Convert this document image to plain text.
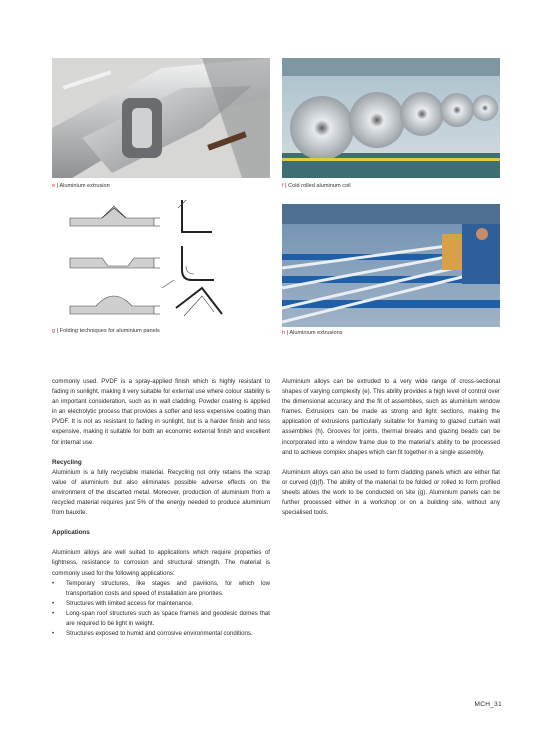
e | Aluminium extrusion	f | Cold rolled aluminum coil
g | Folding techniques for aluminium panels	h | Aluminium extrusions

commonly used. PVDF is a spray-applied finish which is highly resistant to fading in sunlight, making it very suitable for external use where colour stability is an important consideration, such as in wall cladding. Powder coating is applied in an electrolytic process that provides a softer and less expensive coating than PVDF. It is not as resistant to fading in sunlight, but is a harder finish and less expensive, making it suitable for both an economic external finish and excellent for internal use.

Recycling

Aluminium is a fully recyclable material. Recycling not only retains the scrap value of aluminium but also eliminates possible adverse effects on the environment of the discarted metal. Moreover, production of aluminium from a recycled material requires just 5% of the energy needed to produce aluminium from bauxite.

Applications

Aluminium alloys are well suited to applications which require properties of lightness, resistance to corrosion and structural strength. The material is commonly used for the following applications:

• Temporary structures, like stages and pavilions, for which low transportation costs and speed of installation are priorities.
• Structures with limited access for maintenance.
• Long-span roof structures such as space frames and geodesic domes that are required to be light in weight.
• Structures exposed to humid and corrosive environmental conditions.

Aluminium alloys can be extruded to a very wide range of cross-sectional shapes of varying complexity (e). This ability provides a high level of control over the dimensional accuracy and the fit of assemblies, such as aluminium window frames. Extrusions can be made as strong and light sections, making the application of extrusions particularly suitable for framing to glazed curtain wall assemblies (h). Grooves for joints, thermal breaks and glazing beads can be incorporated into a window frame due to the material's ability to be processed and to achieve complex shapes which can fit together in a single assembly.

Aluminium alloys can also be used to form cladding panels which are either flat or curved (d)(f). The ability of the material to be folded or rolled to form profiled sheets allows the work to be conducted on site (g). Aluminium panels can be further processed either in a workshop or on a building site, without any specialised tools.

MCH_31
